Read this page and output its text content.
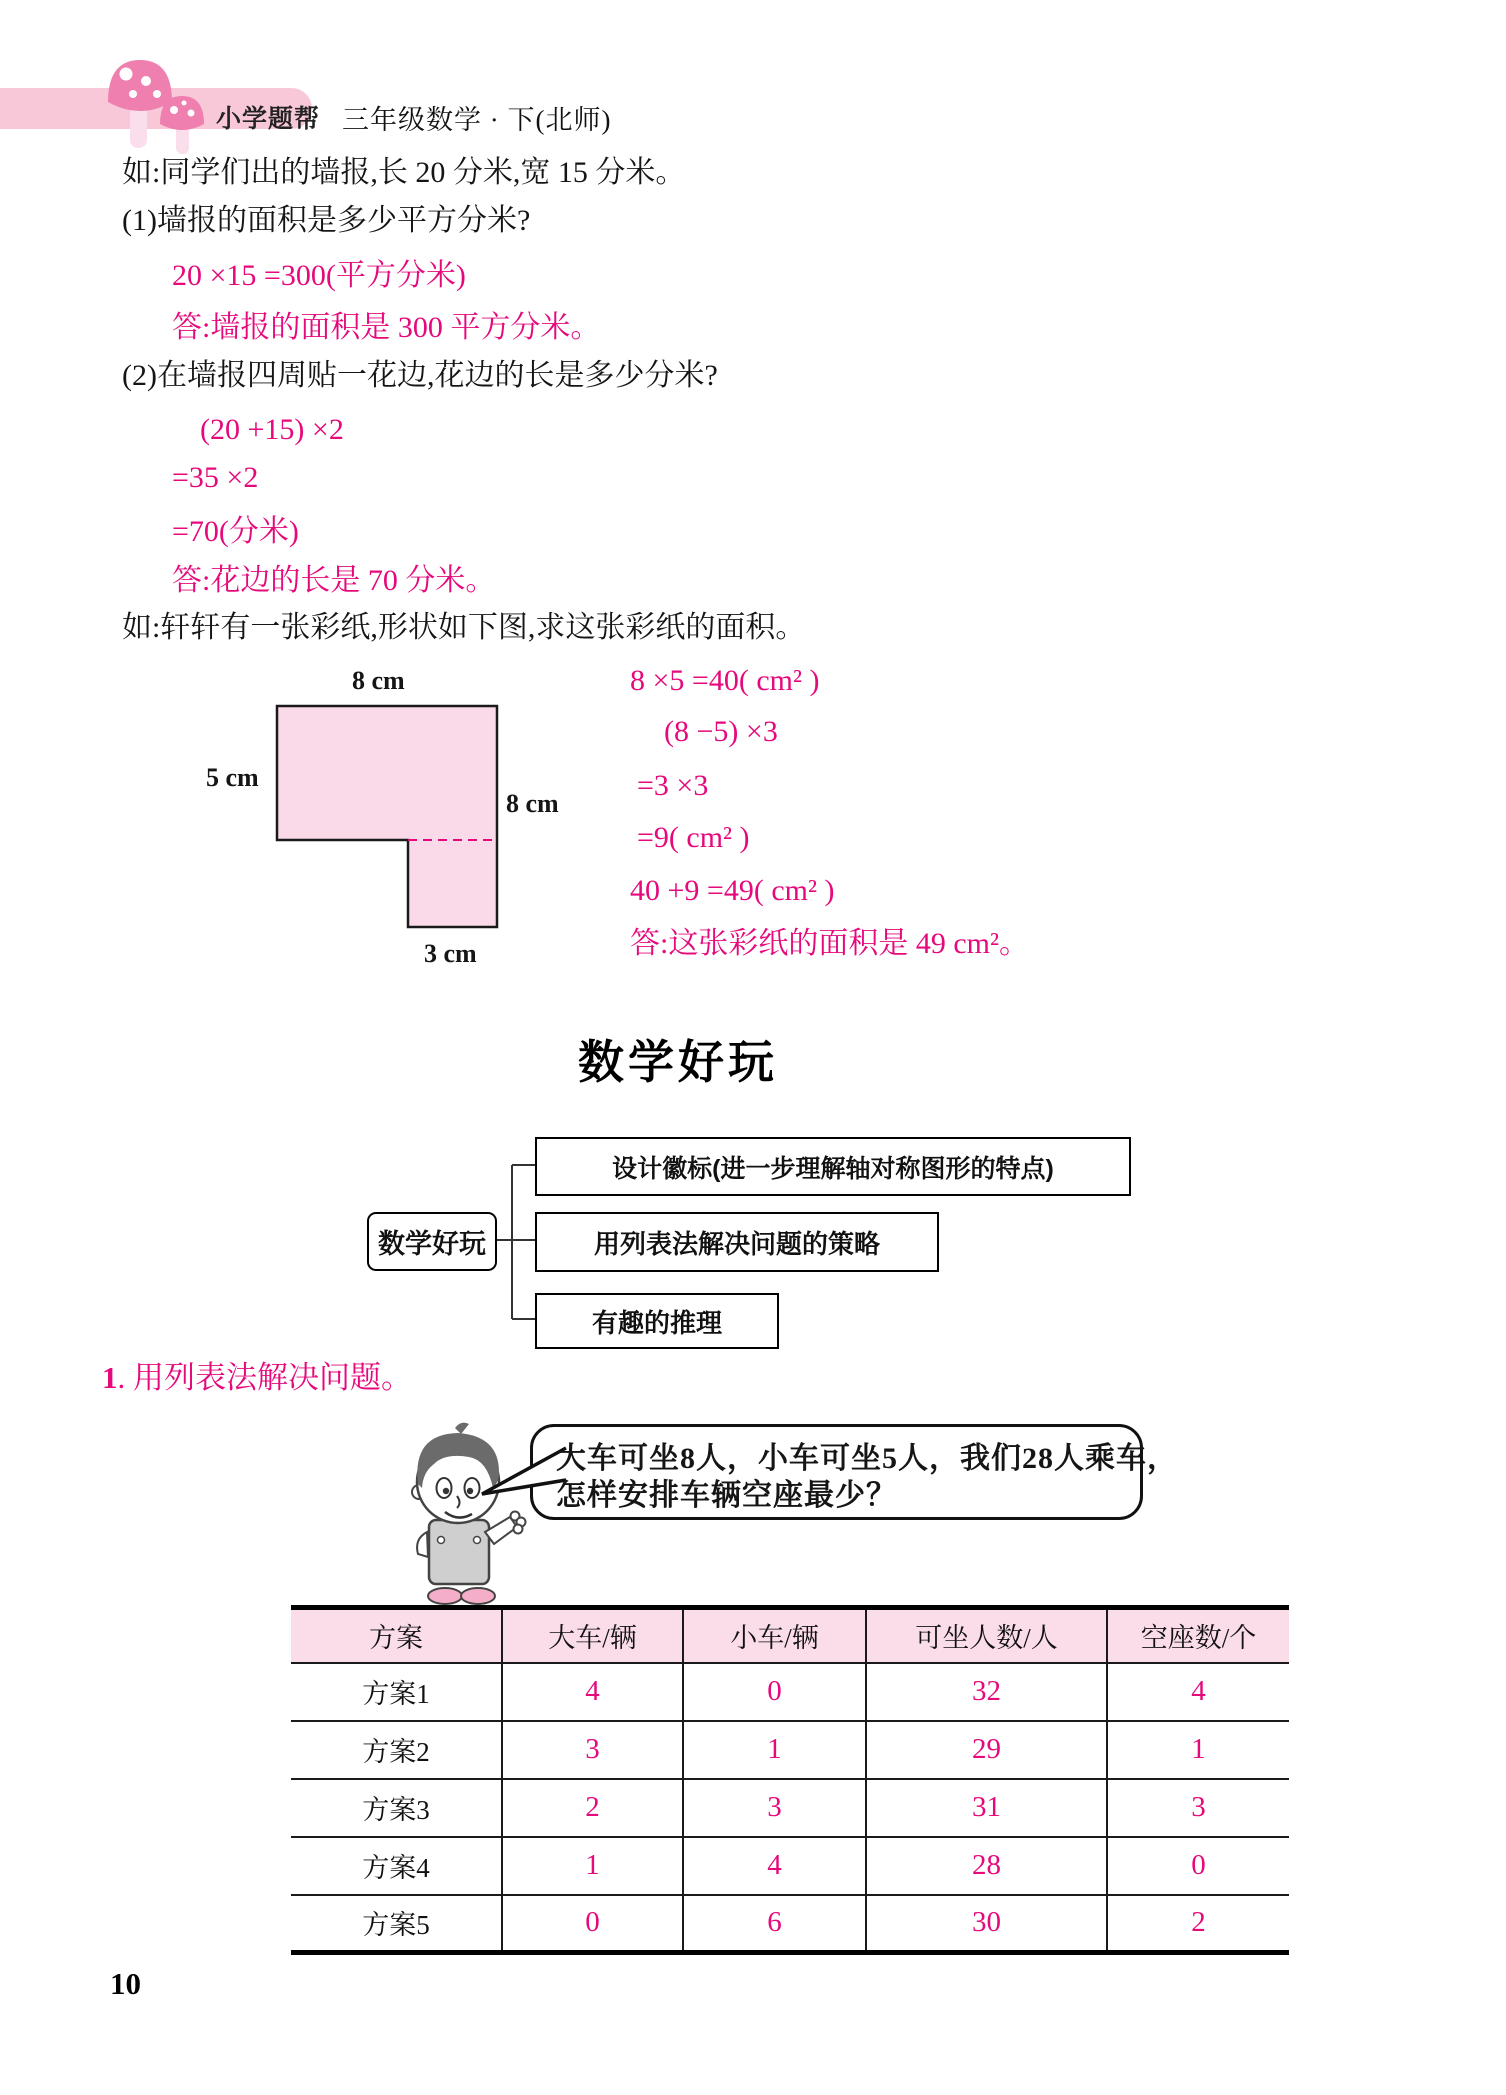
小学题帮 三年级数学 · 下(北师)
如:同学们出的墙报,长 20 分米,宽 15 分米。
(1)墙报的面积是多少平方分米?
20 ×15 =300(平方分米)
答:墙报的面积是 300 平方分米。
(2)在墙报四周贴一花边,花边的长是多少分米?
(20 +15) ×2
=35 ×2
=70(分米)
答:花边的长是 70 分米。
如:轩轩有一张彩纸,形状如下图,求这张彩纸的面积。
8 cm
5 cm
8 cm
3 cm
8 ×5 =40( cm² )
(8 −5) ×3
=3 ×3
=9( cm² )
40 +9 =49( cm² )
答:这张彩纸的面积是 49 cm²。
数学好玩
数学好玩
设计徽标(进一步理解轴对称图形的特点)
用列表法解决问题的策略
有趣的推理
1. 用列表法解决问题。
大车可坐8人，小车可坐5人，我们28人乘车，
怎样安排车辆空座最少？
方案	大车/辆	小车/辆	可坐人数/人	空座数/个
方案1	4	0	32	4
方案2	3	1	29	1
方案3	2	3	31	3
方案4	1	4	28	0
方案5	0	6	30	2
10
